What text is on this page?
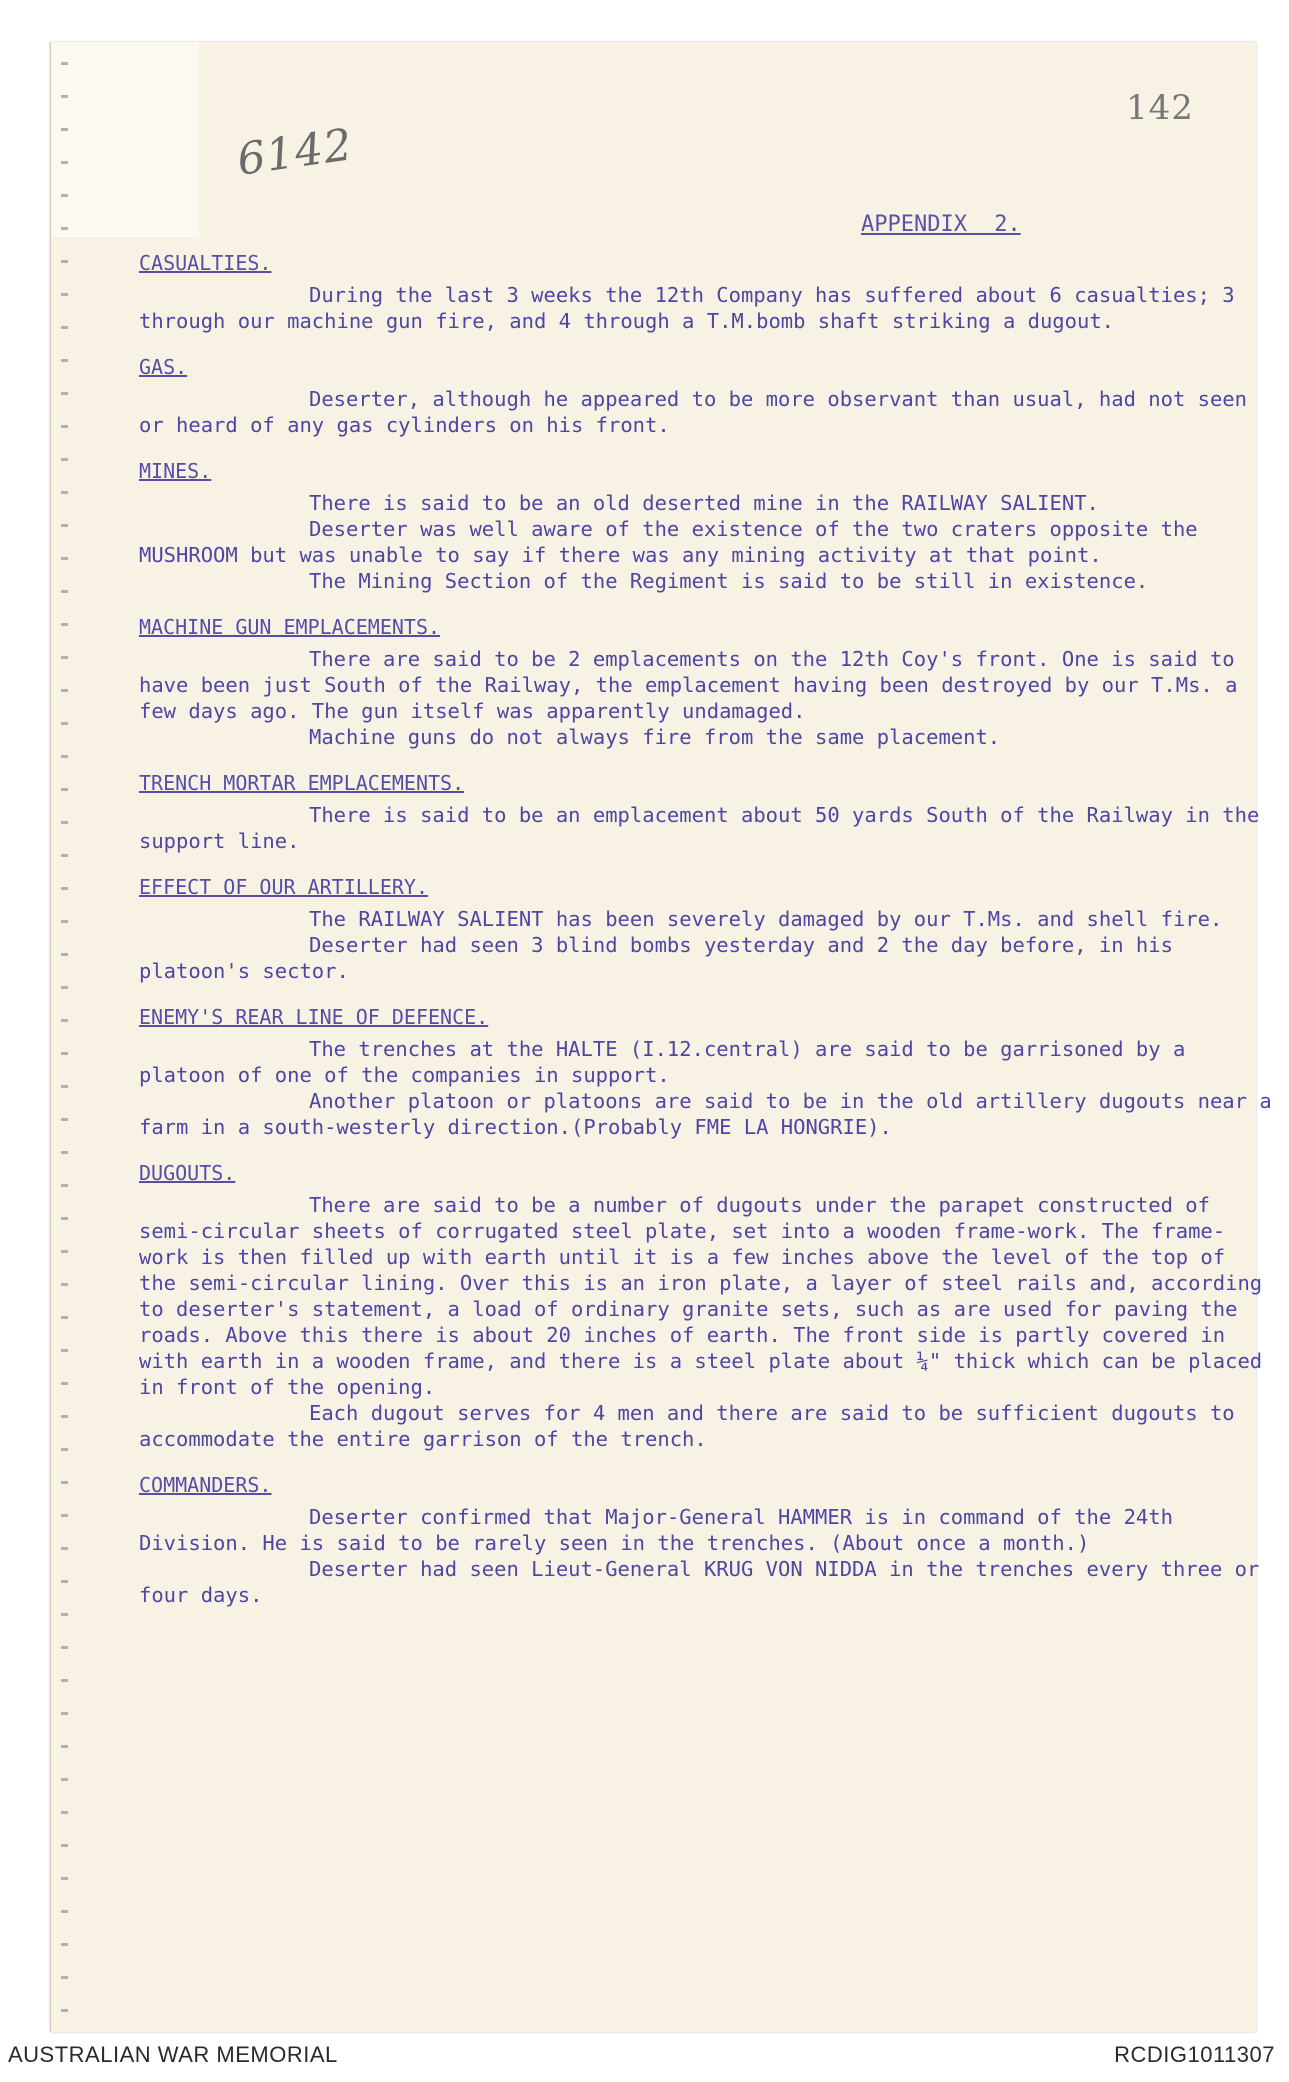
142
6142
APPENDIX 2.
CASUALTIES.

During the last 3 weeks the 12th Company has suffered about 6 casualties; 3 through our machine gun fire, and 4 through a T.M.bomb shaft striking a dugout.

GAS.

Deserter, although he appeared to be more observant than usual, had not seen or heard of any gas cylinders on his front.

MINES.

There is said to be an old deserted mine in the RAILWAY SALIENT.

Deserter was well aware of the existence of the two craters opposite the MUSHROOM but was unable to say if there was any mining activity at that point.

The Mining Section of the Regiment is said to be still in existence.

MACHINE GUN EMPLACEMENTS.

There are said to be 2 emplacements on the 12th Coy's front. One is said to have been just South of the Railway, the emplacement having been destroyed by our T.Ms. a few days ago. The gun itself was apparently undamaged.

Machine guns do not always fire from the same placement.

TRENCH MORTAR EMPLACEMENTS.

There is said to be an emplacement about 50 yards South of the Railway in the support line.

EFFECT OF OUR ARTILLERY.

The RAILWAY SALIENT has been severely damaged by our T.Ms. and shell fire.

Deserter had seen 3 blind bombs yesterday and 2 the day before, in his platoon's sector.

ENEMY'S REAR LINE OF DEFENCE.

The trenches at the HALTE (I.12.central) are said to be garrisoned by a platoon of one of the companies in support.

Another platoon or platoons are said to be in the old artillery dugouts near a farm in a south-westerly direction.(Probably FME LA HONGRIE).

DUGOUTS.

There are said to be a number of dugouts under the parapet constructed of semi-circular sheets of corrugated steel plate, set into a wooden frame-work. The frame-work is then filled up with earth until it is a few inches above the level of the top of the semi-circular lining. Over this is an iron plate, a layer of steel rails and, according to deserter's statement, a load of ordinary granite sets, such as are used for paving the roads. Above this there is about 20 inches of earth. The front side is partly covered in with earth in a wooden frame, and there is a steel plate about ¼" thick which can be placed in front of the opening.

Each dugout serves for 4 men and there are said to be sufficient dugouts to accommodate the entire garrison of the trench.

COMMANDERS.

Deserter confirmed that Major-General HAMMER is in command of the 24th Division. He is said to be rarely seen in the trenches. (About once a month.)

Deserter had seen Lieut-General KRUG VON NIDDA in the trenches every three or four days.

AUSTRALIAN WAR MEMORIAL	RCDIG1011307
